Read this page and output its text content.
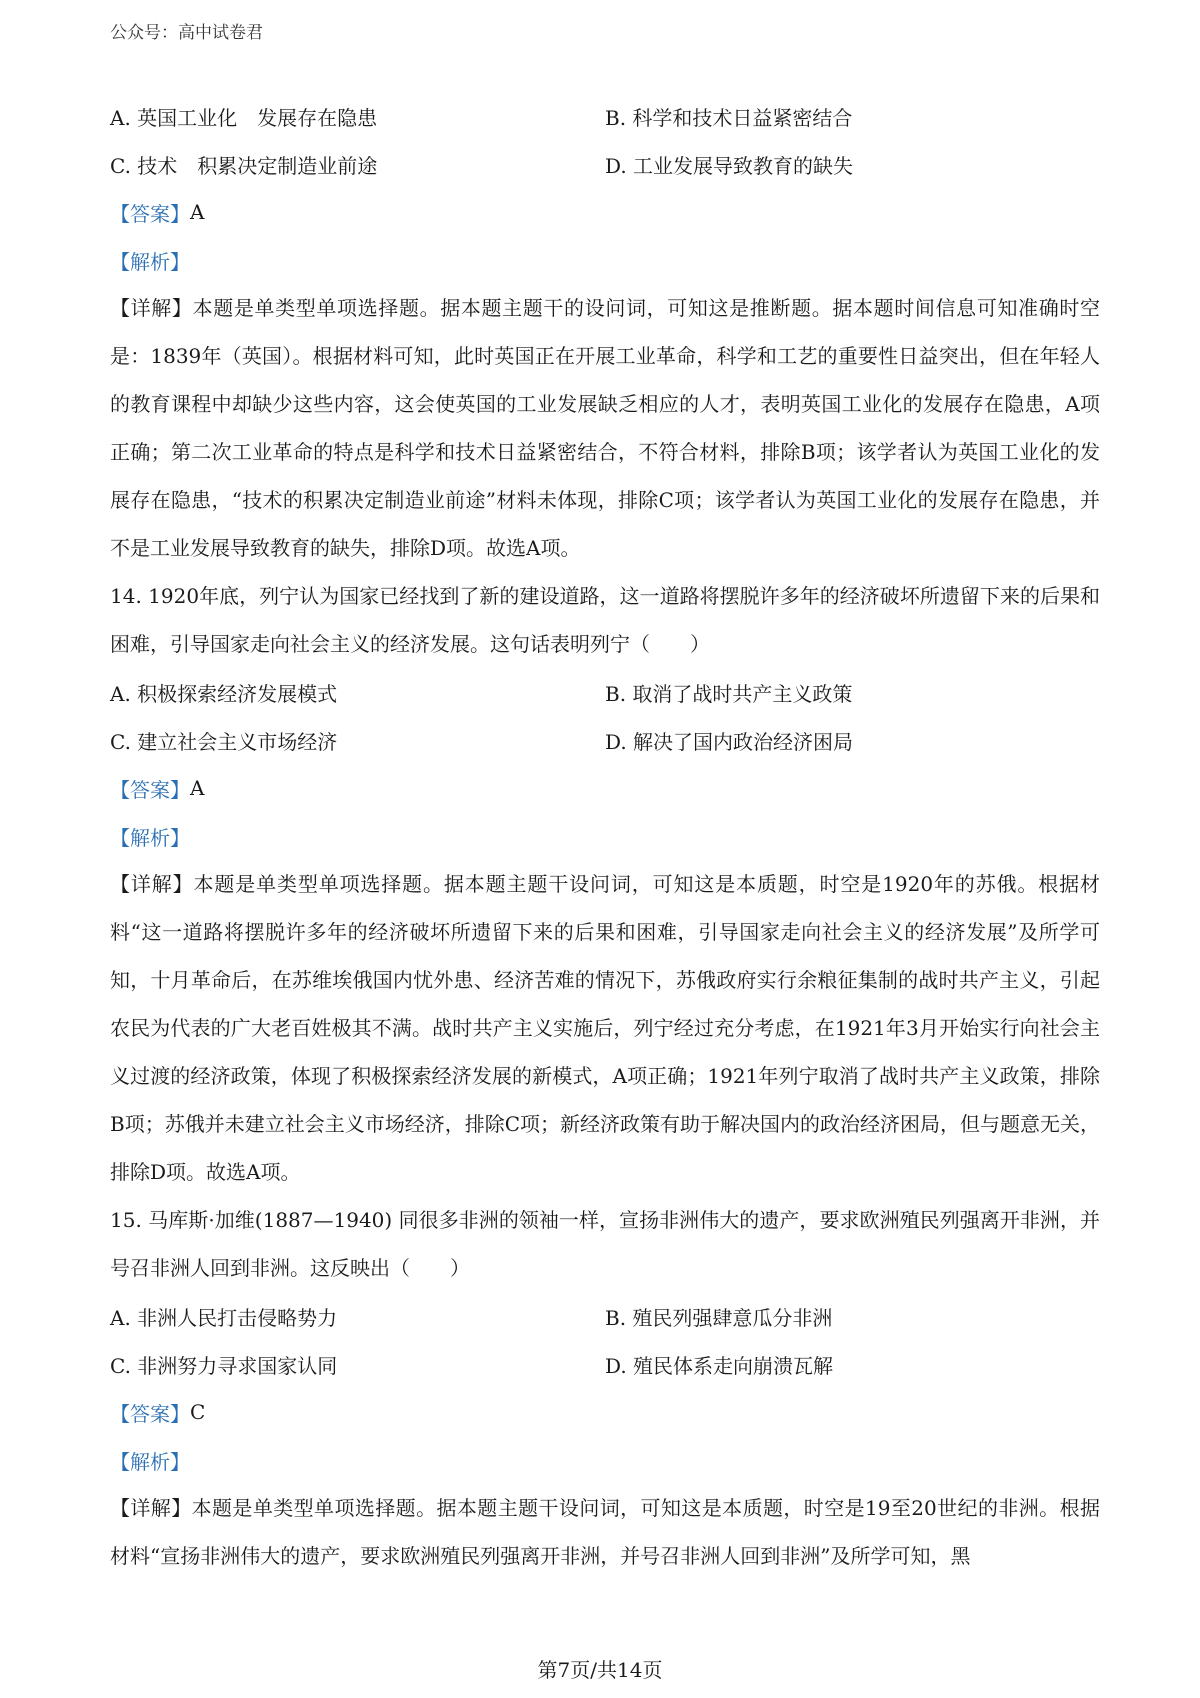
公众号：高中试卷君
A. 英国工业化　发展存在隐患	B. 科学和技术日益紧密结合
C. 技术　积累决定制造业前途	D. 工业发展导致教育的缺失
【答案】 A
【解析】

【详解】本题是单类型单项选择题。据本题主题干的设问词，可知这是推断题。据本题时间信息可知准确时空是：1839年（英国）。根据材料可知，此时英国正在开展工业革命，科学和工艺的重要性日益突出，但在年轻人的教育课程中却缺少这些内容，这会使英国的工业发展缺乏相应的人才，表明英国工业化的发展存在隐患，A项正确；第二次工业革命的特点是科学和技术日益紧密结合，不符合材料，排除B项；该学者认为英国工业化的发展存在隐患，“技术的积累决定制造业前途”材料未体现，排除C项；该学者认为英国工业化的发展存在隐患，并不是工业发展导致教育的缺失，排除D项。故选A项。

14. 1920年底，列宁认为国家已经找到了新的建设道路，这一道路将摆脱许多年的经济破坏所遗留下来的后果和困难，引导国家走向社会主义的经济发展。这句话表明列宁（　　）

A. 积极探索经济发展模式	B. 取消了战时共产主义政策
C. 建立社会主义市场经济	D. 解决了国内政治经济困局
【答案】 A
【解析】

【详解】本题是单类型单项选择题。据本题主题干设问词，可知这是本质题，时空是1920年的苏俄。根据材料“这一道路将摆脱许多年的经济破坏所遗留下来的后果和困难，引导国家走向社会主义的经济发展”及所学可知，十月革命后，在苏维埃俄国内忧外患、经济苦难的情况下，苏俄政府实行余粮征集制的战时共产主义，引起农民为代表的广大老百姓极其不满。战时共产主义实施后，列宁经过充分考虑，在1921年3月开始实行向社会主义过渡的经济政策，体现了积极探索经济发展的新模式，A项正确；1921年列宁取消了战时共产主义政策，排除B项；苏俄并未建立社会主义市场经济，排除C项；新经济政策有助于解决国内的政治经济困局，但与题意无关，排除D项。故选A项。

15. 马库斯·加维(1887—1940) 同很多非洲的领袖一样，宣扬非洲伟大的遗产，要求欧洲殖民列强离开非洲，并号召非洲人回到非洲。这反映出（　　）

A. 非洲人民打击侵略势力	B. 殖民列强肆意瓜分非洲
C. 非洲努力寻求国家认同	D. 殖民体系走向崩溃瓦解
【答案】 C
【解析】

【详解】本题是单类型单项选择题。据本题主题干设问词，可知这是本质题，时空是19至20世纪的非洲。根据材料“宣扬非洲伟大的遗产，要求欧洲殖民列强离开非洲，并号召非洲人回到非洲”及所学可知，黑

第7页/共14页
